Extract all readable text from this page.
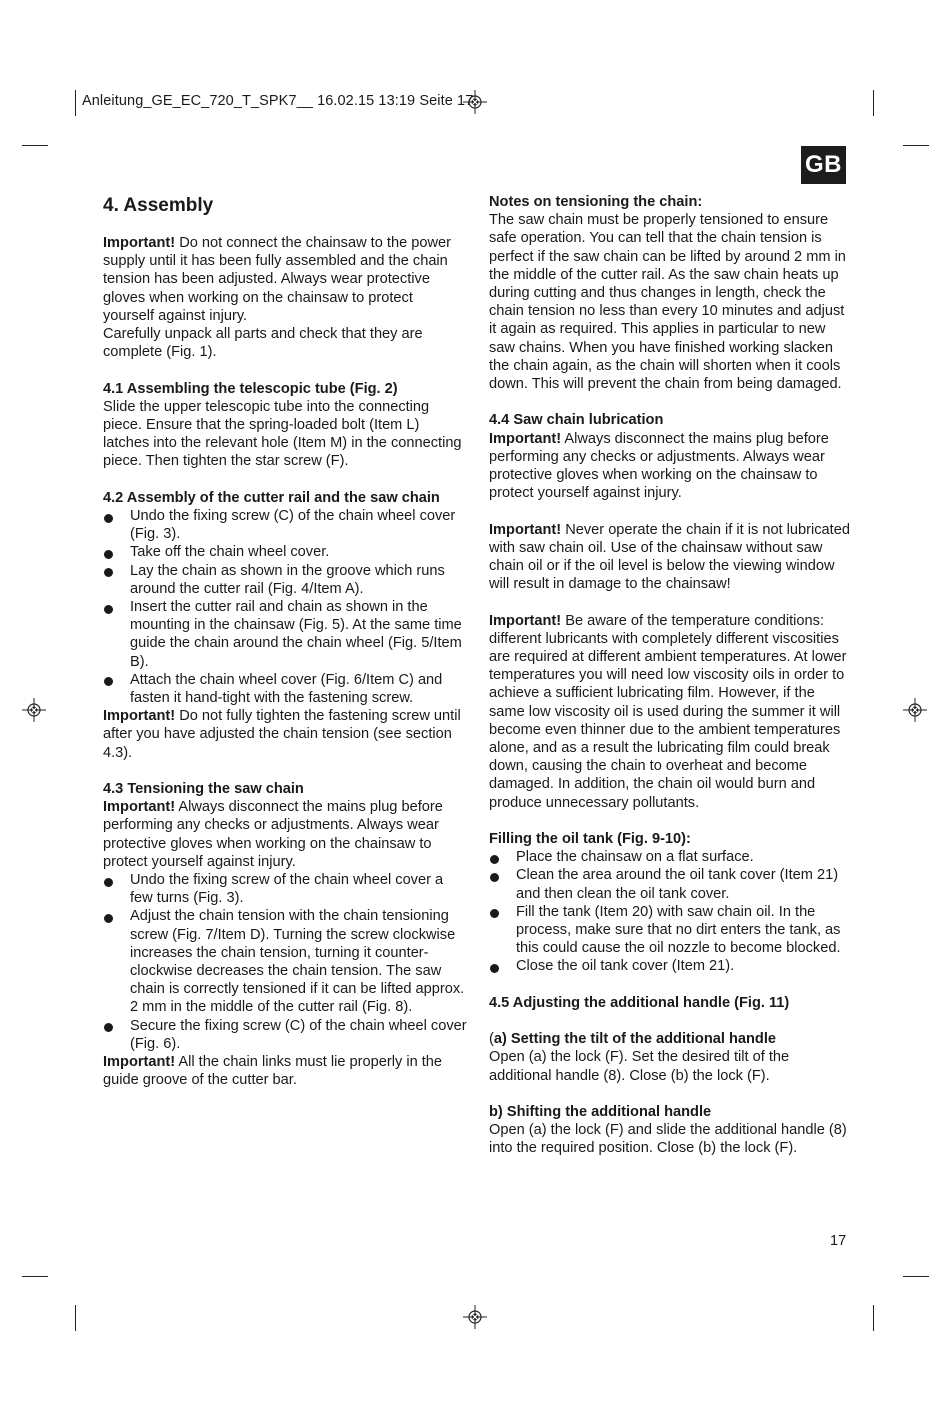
Anleitung_GE_EC_720_T_SPK7__ 16.02.15 13:19 Seite 17
GB
4. Assembly

Important! Do not connect the chainsaw to the power supply until it has been fully assembled and the chain tension has been adjusted. Always wear protective gloves when working on the chainsaw to protect yourself against injury.

Carefully unpack all parts and check that they are complete (Fig. 1).

4.1 Assembling the telescopic tube (Fig. 2)

Slide the upper telescopic tube into the connecting piece. Ensure that the spring-loaded bolt (Item L) latches into the relevant hole (Item M) in the connecting piece. Then tighten the star screw (F).

4.2 Assembly of the cutter rail and the saw chain

Undo the fixing screw (C) of the chain wheel cover (Fig. 3).
Take off the chain wheel cover.
Lay the chain as shown in the groove which runs around the cutter rail (Fig. 4/Item A).
Insert the cutter rail and chain as shown in the mounting in the chainsaw (Fig. 5). At the same time guide the chain around the chain wheel (Fig. 5/Item B).
Attach the chain wheel cover (Fig. 6/Item C) and fasten it hand-tight with the fastening screw.

Important! Do not fully tighten the fastening screw until after you have adjusted the chain tension (see section 4.3).

4.3 Tensioning the saw chain

Important! Always disconnect the mains plug before performing any checks or adjustments. Always wear protective gloves when working on the chainsaw to protect yourself against injury.

Undo the fixing screw of the chain wheel cover a few turns (Fig. 3).
Adjust the chain tension with the chain tensioning screw (Fig. 7/Item D). Turning the screw clockwise increases the chain tension, turning it counter-clockwise decreases the chain tension. The saw chain is correctly tensioned if it can be lifted approx. 2 mm in the middle of the cutter rail (Fig. 8).
Secure the fixing screw (C) of the chain wheel cover (Fig. 6).

Important! All the chain links must lie properly in the guide groove of the cutter bar.

Notes on tensioning the chain:

The saw chain must be properly tensioned to ensure safe operation. You can tell that the chain tension is perfect if the saw chain can be lifted by around 2 mm in the middle of the cutter rail. As the saw chain heats up during cutting and thus changes in length, check the chain tension no less than every 10 minutes and adjust it again as required. This applies in particular to new saw chains. When you have finished working slacken the chain again, as the chain will shorten when it cools down. This will prevent the chain from being damaged.

4.4 Saw chain lubrication

Important! Always disconnect the mains plug before performing any checks or adjustments. Always wear protective gloves when working on the chainsaw to protect yourself against injury.

Important! Never operate the chain if it is not lubricated with saw chain oil. Use of the chainsaw without saw chain oil or if the oil level is below the viewing window will result in damage to the chainsaw!

Important! Be aware of the temperature conditions: different lubricants with completely different viscosities are required at different ambient temperatures. At lower temperatures you will need low viscosity oils in order to achieve a sufficient lubricating film. However, if the same low viscosity oil is used during the summer it will become even thinner due to the ambient temperatures alone, and as a result the lubricating film could break down, causing the chain to overheat and become damaged. In addition, the chain oil would burn and produce unnecessary pollutants.

Filling the oil tank (Fig. 9-10):

Place the chainsaw on a flat surface.
Clean the area around the oil tank cover (Item 21) and then clean the oil tank cover.
Fill the tank (Item 20) with saw chain oil. In the process, make sure that no dirt enters the tank, as this could cause the oil nozzle to become blocked.
Close the oil tank cover (Item 21).

4.5 Adjusting the additional handle (Fig. 11)

(a) Setting the tilt of the additional handle

Open (a) the lock (F). Set the desired tilt of the additional handle (8). Close (b) the lock (F).

b) Shifting the additional handle

Open (a) the lock (F) and slide the additional handle (8) into the required position. Close (b) the lock (F).

17
